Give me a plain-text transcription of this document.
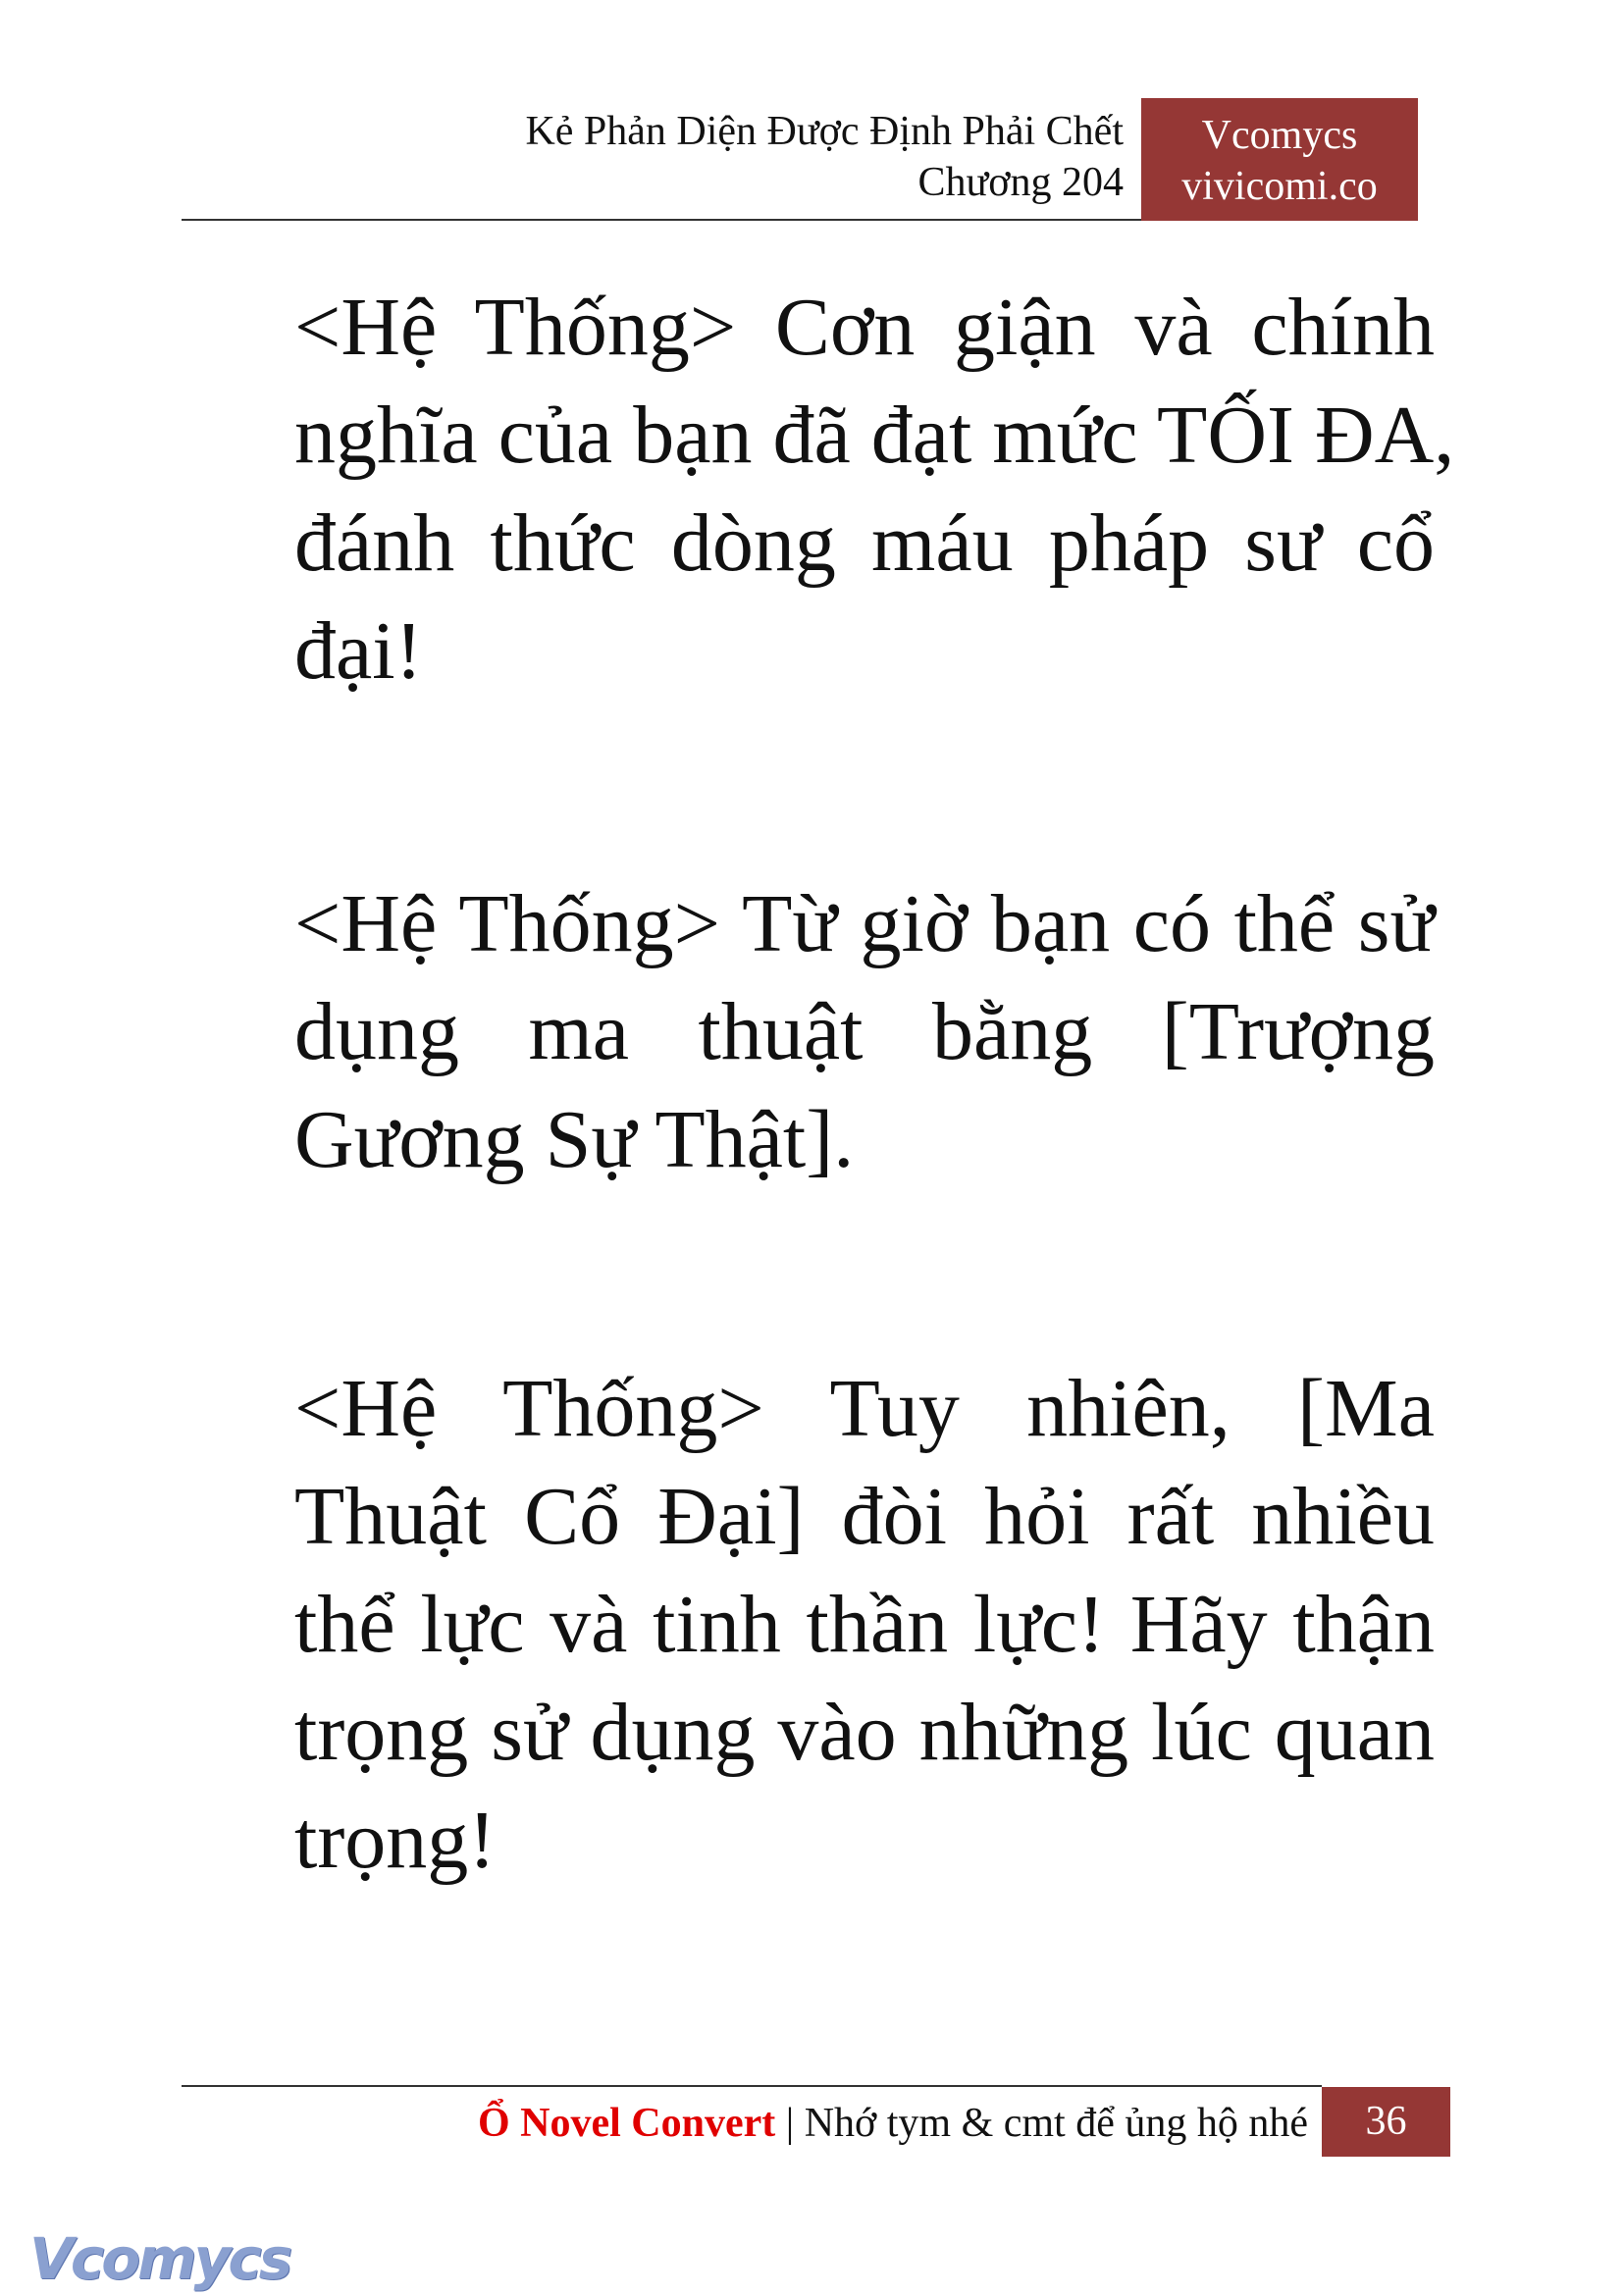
Kẻ Phản Diện Được Định Phải Chết
Chương 204
Vcomycs
vivicomi.co
<Hệ Thống> Cơn giận và chính
nghĩa của bạn đã đạt mức TỐI ĐA,
đánh thức dòng máu pháp sư cổ
đại!
<Hệ Thống> Từ giờ bạn có thể sử
dụng ma thuật bằng [Trượng
Gương Sự Thật].
<Hệ Thống> Tuy nhiên, [Ma
Thuật Cổ Đại] đòi hỏi rất nhiều
thể lực và tinh thần lực! Hãy thận
trọng sử dụng vào những lúc quan
trọng!
Ổ Novel Convert | Nhớ tym & cmt để ủng hộ nhé	36
Vcomycs
